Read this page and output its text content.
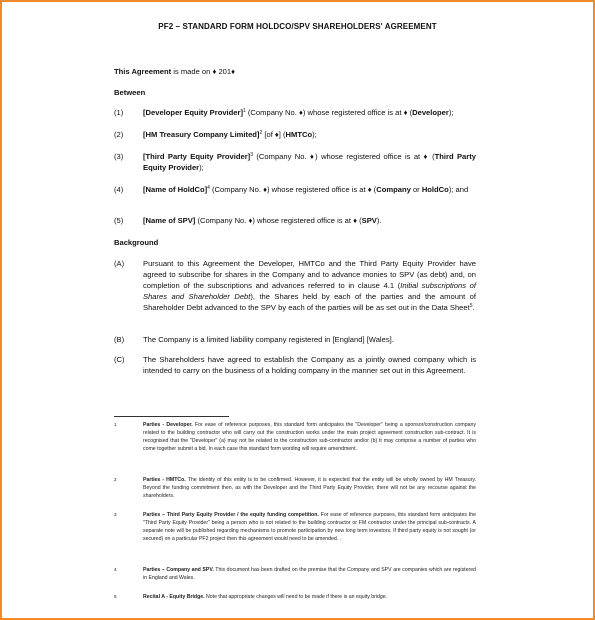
PF2 – STANDARD FORM HOLDCO/SPV SHAREHOLDERS' AGREEMENT
This Agreement is made on ♦ 201♦
Between
(1)	[Developer Equity Provider]$^1$ (Company No. ♦) whose registered office is at ♦ (Developer);
(2)	[HM Treasury Company Limited]$^2$ [of ♦] (HMTCo);
(3)	[Third Party Equity Provider]$^3$ (Company No. ♦) whose registered office is at ♦ (Third Party Equity Provider);
(4)	[Name of HoldCo]$^4$ (Company No. ♦) whose registered office is at ♦ (Company or HoldCo); and
(5)	[Name of SPV] (Company No. ♦) whose registered office is at ♦ (SPV).
Background
(A) Pursuant to this Agreement the Developer, HMTCo and the Third Party Equity Provider have agreed to subscribe for shares in the Company and to advance monies to SPV (as debt) and, on completion of the subscriptions and advances referred to in clause 4.1 (Initial subscriptions of Shares and Shareholder Debt), the Shares held by each of the parties and the amount of Shareholder Debt advanced to the SPV by each of the parties will be as set out in the Data Sheet$^5$.
(B) The Company is a limited liability company registered in [England] [Wales].
(C) The Shareholders have agreed to establish the Company as a jointly owned company which is intended to carry on the business of a holding company in the manner set out in this Agreement.
1	Parties - Developer. For ease of reference purposes, this standard form anticipates the "Developer" being a sponsor/construction company related to the building contractor who will carry out the construction works under the main project agreement construction sub-contract. It is recognised that the "Developer" (a) may not be related to the construction sub-contractor and/or (b) it may comprise a number of parties who come together submit a bid. In each case this standard form wording will require amendment.
2	Parties - HMTCo. The identity of this entity is to be confirmed. However, it is expected that the entity will be wholly owned by HM Treasury. Beyond the funding commitment then, as with the Developer and the Third Party Equity Provider, there will not be any recourse against the shareholders.
3	Parties – Third Party Equity Provider / the equity funding competition. For ease of reference purposes, this standard form anticipates the "Third Party Equity Provider" being a person who is not related to the building contractor or FM contractor under the principal sub-contracts. A separate note will be published regarding mechanisms to promote participation by new long term investors. If third party equity is not sought (or secured) on a particular PF2 project then this agreement would need to be amended. .
4	Parties – Company and SPV. This document has been drafted on the premise that the Company and SPV are companies which are registered in England and Wales.
5	Recital A - Equity Bridge. Note that appropriate changes will need to be made if there is an equity bridge.
